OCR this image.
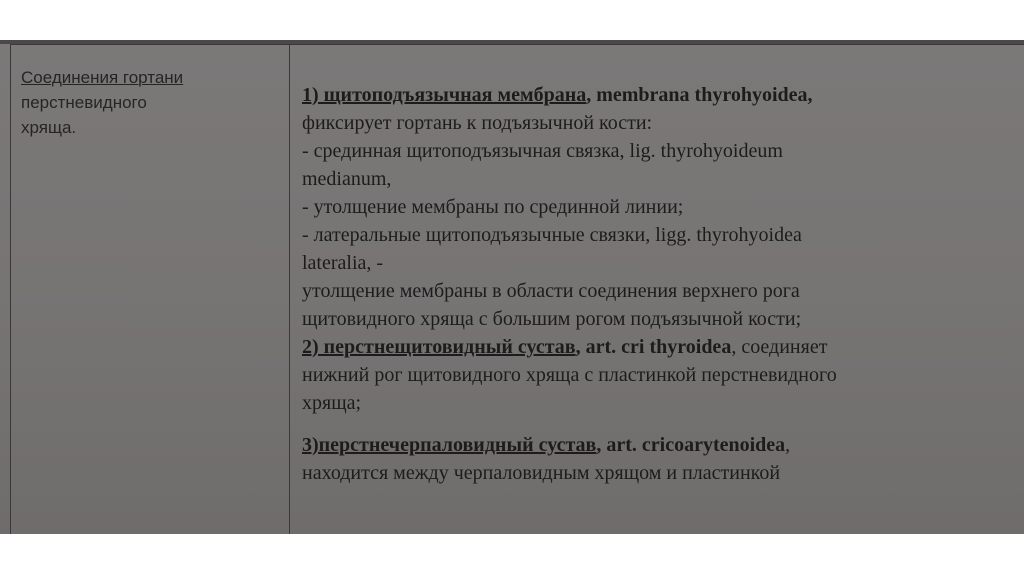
Соединения гортани
перстневидного
хряща.
1) щитоподъязычная мембрана, membrana thyrohyoidea,
фиксирует гортань к подъязычной кости:
- срединная щитоподъязычная связка, lig. thyrohyoideum
medianum,
- утолщение мембраны по срединной линии;
- латеральные щитоподъязычные связки, ligg. thyrohyoidea
lateralia, -
утолщение мембраны в области соединения верхнего рога
щитовидного хряща с большим рогом подъязычной кости;
2) перстнещитовидный сустав, art. cri thyroidea, соединяет
нижний рог щитовидного хряща с пластинкой перстневидного
хряща;
3)перстнечерпаловидный сустав, art. cricoarytenoidea,
находится между черпаловидным хрящом и пластинкой
